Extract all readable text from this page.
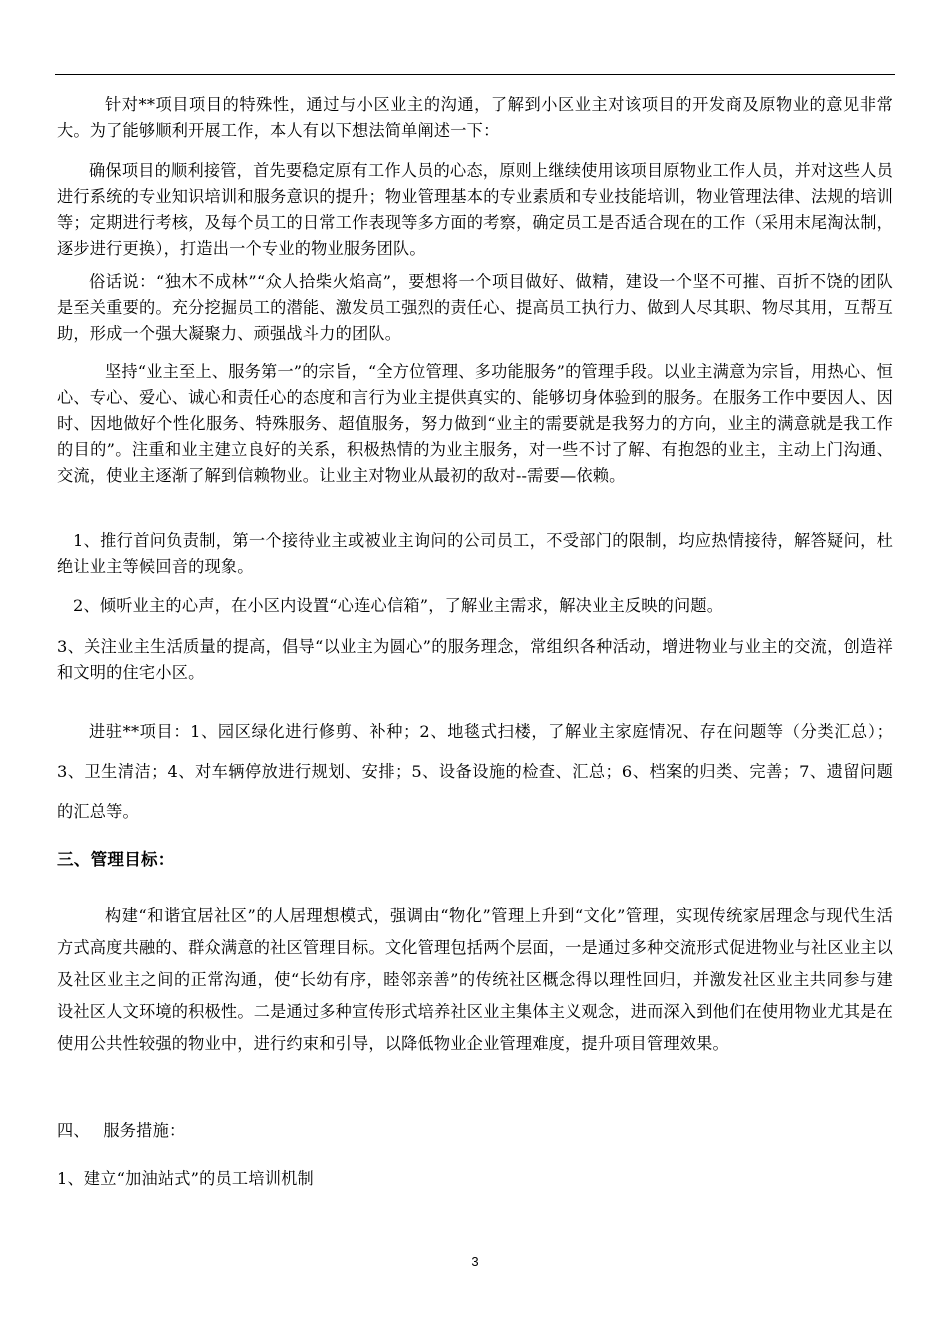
针对**项目项目的特殊性，通过与小区业主的沟通，了解到小区业主对该项目的开发商及原物业的意见非常大。为了能够顺利开展工作，本人有以下想法简单阐述一下：
确保项目的顺利接管，首先要稳定原有工作人员的心态，原则上继续使用该项目原物业工作人员，并对这些人员进行系统的专业知识培训和服务意识的提升；物业管理基本的专业素质和专业技能培训，物业管理法律、法规的培训等；定期进行考核，及每个员工的日常工作表现等多方面的考察，确定员工是否适合现在的工作（采用末尾淘汰制，逐步进行更换），打造出一个专业的物业服务团队。
俗话说：“独木不成林”“众人拾柴火焰高”，要想将一个项目做好、做精，建设一个坚不可摧、百折不饶的团队是至关重要的。充分挖掘员工的潜能、激发员工强烈的责任心、提高员工执行力、做到人尽其职、物尽其用，互帮互助，形成一个强大凝聚力、顽强战斗力的团队。
坚持“业主至上、服务第一”的宗旨，“全方位管理、多功能服务”的管理手段。以业主满意为宗旨，用热心、恒心、专心、爱心、诚心和责任心的态度和言行为业主提供真实的、能够切身体验到的服务。在服务工作中要因人、因时、因地做好个性化服务、特殊服务、超值服务，努力做到“业主的需要就是我努力的方向，业主的满意就是我工作的目的”。注重和业主建立良好的关系，积极热情的为业主服务，对一些不讨了解、有抱怨的业主，主动上门沟通、交流，使业主逐渐了解到信赖物业。让业主对物业从最初的敌对--需要—依赖。
1、推行首问负责制，第一个接待业主或被业主询问的公司员工，不受部门的限制，均应热情接待，解答疑问，杜绝让业主等候回音的现象。
2、倾听业主的心声，在小区内设置“心连心信箱”，了解业主需求，解决业主反映的问题。
3、关注业主生活质量的提高，倡导“以业主为圆心”的服务理念，常组织各种活动，增进物业与业主的交流，创造祥和文明的住宅小区。
进驻**项目：1、园区绿化进行修剪、补种；2、地毯式扫楼，了解业主家庭情况、存在问题等（分类汇总）；3、卫生清洁；4、对车辆停放进行规划、安排；5、设备设施的检查、汇总；6、档案的归类、完善；7、遗留问题的汇总等。
三、管理目标：
构建“和谐宜居社区”的人居理想模式，强调由“物化”管理上升到“文化”管理，实现传统家居理念与现代生活方式高度共融的、群众满意的社区管理目标。文化管理包括两个层面，一是通过多种交流形式促进物业与社区业主以及社区业主之间的正常沟通，使“长幼有序，睦邻亲善”的传统社区概念得以理性回归，并激发社区业主共同参与建设社区人文环境的积极性。二是通过多种宣传形式培养社区业主集体主义观念，进而深入到他们在使用物业尤其是在使用公共性较强的物业中，进行约束和引导，以降低物业企业管理难度，提升项目管理效果。
四、　 服务措施：
1、建立“加油站式”的员工培训机制
3
